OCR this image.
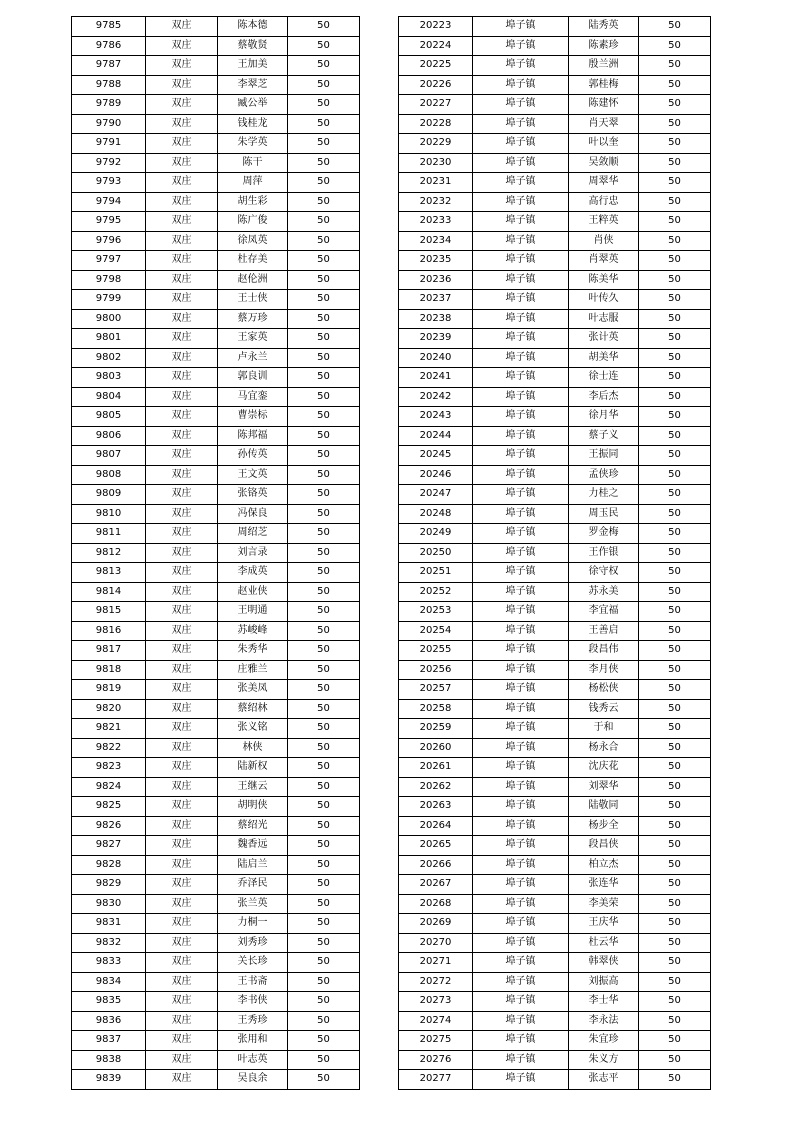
9785	双庄	陈本德	50
9786	双庄	蔡敬贤	50
9787	双庄	王加美	50
9788	双庄	李翠芝	50
9789	双庄	臧公举	50
9790	双庄	钱桂龙	50
9791	双庄	朱学英	50
9792	双庄	陈干	50
9793	双庄	周萍	50
9794	双庄	胡生彩	50
9795	双庄	陈广俊	50
9796	双庄	徐凤英	50
9797	双庄	杜存美	50
9798	双庄	赵伦洲	50
9799	双庄	王士侠	50
9800	双庄	蔡万珍	50
9801	双庄	王家英	50
9802	双庄	卢永兰	50
9803	双庄	郭良训	50
9804	双庄	马宜銮	50
9805	双庄	曹崇标	50
9806	双庄	陈邦福	50
9807	双庄	孙传英	50
9808	双庄	王文英	50
9809	双庄	张铬英	50
9810	双庄	冯保良	50
9811	双庄	周绍芝	50
9812	双庄	刘言录	50
9813	双庄	李成英	50
9814	双庄	赵业侠	50
9815	双庄	王明通	50
9816	双庄	苏峻峰	50
9817	双庄	朱秀华	50
9818	双庄	庄雅兰	50
9819	双庄	张美凤	50
9820	双庄	蔡绍林	50
9821	双庄	张义铭	50
9822	双庄	林侠	50
9823	双庄	陆新权	50
9824	双庄	王继云	50
9825	双庄	胡明侠	50
9826	双庄	蔡绍光	50
9827	双庄	魏香远	50
9828	双庄	陆启兰	50
9829	双庄	乔泽民	50
9830	双庄	张兰英	50
9831	双庄	力桐一	50
9832	双庄	刘秀珍	50
9833	双庄	关长珍	50
9834	双庄	王书斋	50
9835	双庄	李书侠	50
9836	双庄	王秀珍	50
9837	双庄	张用和	50
9838	双庄	叶志英	50
9839	双庄	吴良余	50
20223	埠子镇	陆秀英	50
20224	埠子镇	陈素珍	50
20225	埠子镇	殷兰洲	50
20226	埠子镇	郭桂梅	50
20227	埠子镇	陈建怀	50
20228	埠子镇	肖天翠	50
20229	埠子镇	叶以奎	50
20230	埠子镇	吴敛顺	50
20231	埠子镇	周翠华	50
20232	埠子镇	高行忠	50
20233	埠子镇	王粹英	50
20234	埠子镇	肖侠	50
20235	埠子镇	肖翠英	50
20236	埠子镇	陈美华	50
20237	埠子镇	叶传久	50
20238	埠子镇	叶志服	50
20239	埠子镇	张计英	50
20240	埠子镇	胡美华	50
20241	埠子镇	徐士连	50
20242	埠子镇	李后杰	50
20243	埠子镇	徐月华	50
20244	埠子镇	蔡子义	50
20245	埠子镇	王振同	50
20246	埠子镇	孟侠珍	50
20247	埠子镇	力桂之	50
20248	埠子镇	周玉民	50
20249	埠子镇	罗金梅	50
20250	埠子镇	王作银	50
20251	埠子镇	徐守权	50
20252	埠子镇	苏永美	50
20253	埠子镇	李宜福	50
20254	埠子镇	王善启	50
20255	埠子镇	段昌伟	50
20256	埠子镇	李月侠	50
20257	埠子镇	杨松侠	50
20258	埠子镇	钱秀云	50
20259	埠子镇	于和	50
20260	埠子镇	杨永合	50
20261	埠子镇	沈庆花	50
20262	埠子镇	刘翠华	50
20263	埠子镇	陆敬同	50
20264	埠子镇	杨步全	50
20265	埠子镇	段昌侠	50
20266	埠子镇	柏立杰	50
20267	埠子镇	张连华	50
20268	埠子镇	李美荣	50
20269	埠子镇	王庆华	50
20270	埠子镇	杜云华	50
20271	埠子镇	韩翠侠	50
20272	埠子镇	刘振高	50
20273	埠子镇	李士华	50
20274	埠子镇	李永法	50
20275	埠子镇	朱宜珍	50
20276	埠子镇	朱义方	50
20277	埠子镇	张志平	50
